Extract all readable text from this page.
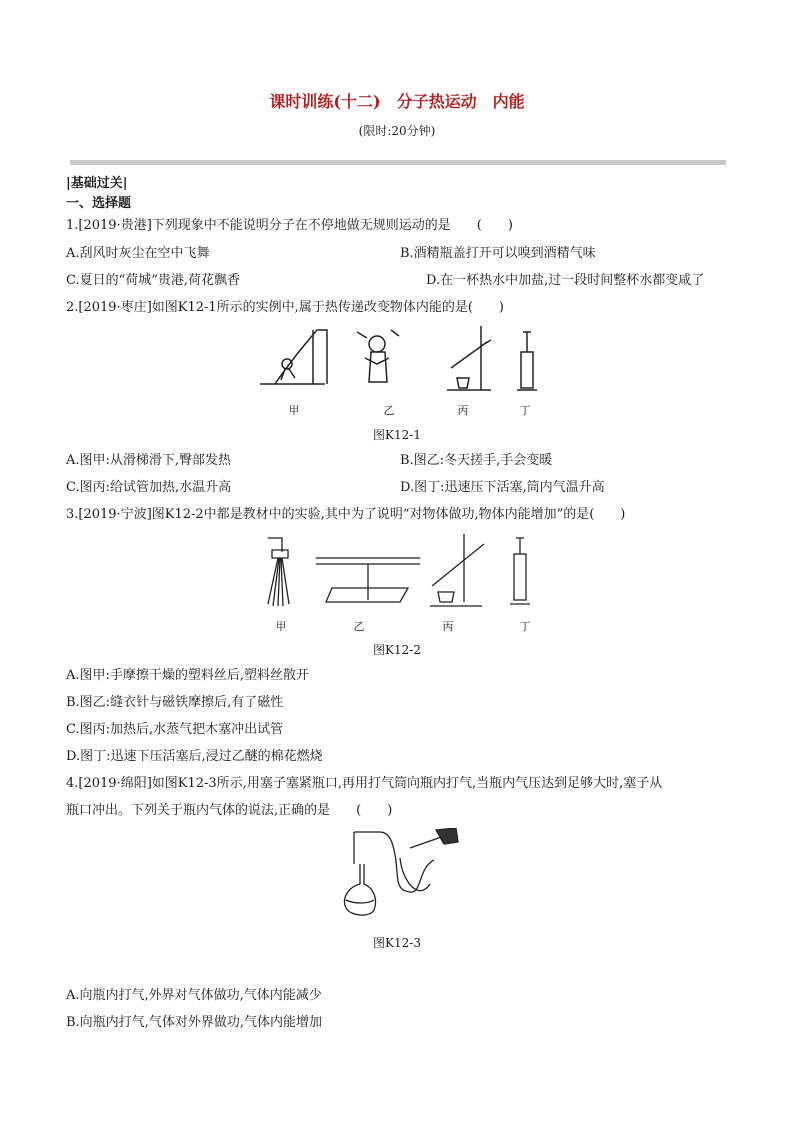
课时训练(十二)　分子热运动　内能
(限时:20分钟)
|基础过关|
一、选择题
1.[2019·贵港]下列现象中不能说明分子在不停地做无规则运动的是　　(　　)
A.刮风时灰尘在空中飞舞	B.酒精瓶盖打开可以嗅到酒精气味
C.夏日的“荷城”贵港,荷花飘香	D.在一杯热水中加盐,过一段时间整杯水都变咸了
2.[2019·枣庄]如图K12-1所示的实例中,属于热传递改变物体内能的是(　　)
甲	乙	丙	丁
图K12-1
A.图甲:从滑梯滑下,臀部发热	B.图乙:冬天搓手,手会变暖
C.图丙:给试管加热,水温升高	D.图丁:迅速压下活塞,筒内气温升高
3.[2019·宁波]图K12-2中都是教材中的实验,其中为了说明“对物体做功,物体内能增加”的是(　　)
甲	乙	丙	丁
图K12-2
A.图甲:手摩擦干燥的塑料丝后,塑料丝散开
B.图乙:缝衣针与磁铁摩擦后,有了磁性
C.图丙:加热后,水蒸气把木塞冲出试管
D.图丁:迅速下压活塞后,浸过乙醚的棉花燃烧
4.[2019·绵阳]如图K12-3所示,用塞子塞紧瓶口,再用打气筒向瓶内打气,当瓶内气压达到足够大时,塞子从
瓶口冲出。下列关于瓶内气体的说法,正确的是　　(　　)
图K12-3
A.向瓶内打气,外界对气体做功,气体内能减少
B.向瓶内打气,气体对外界做功,气体内能增加
